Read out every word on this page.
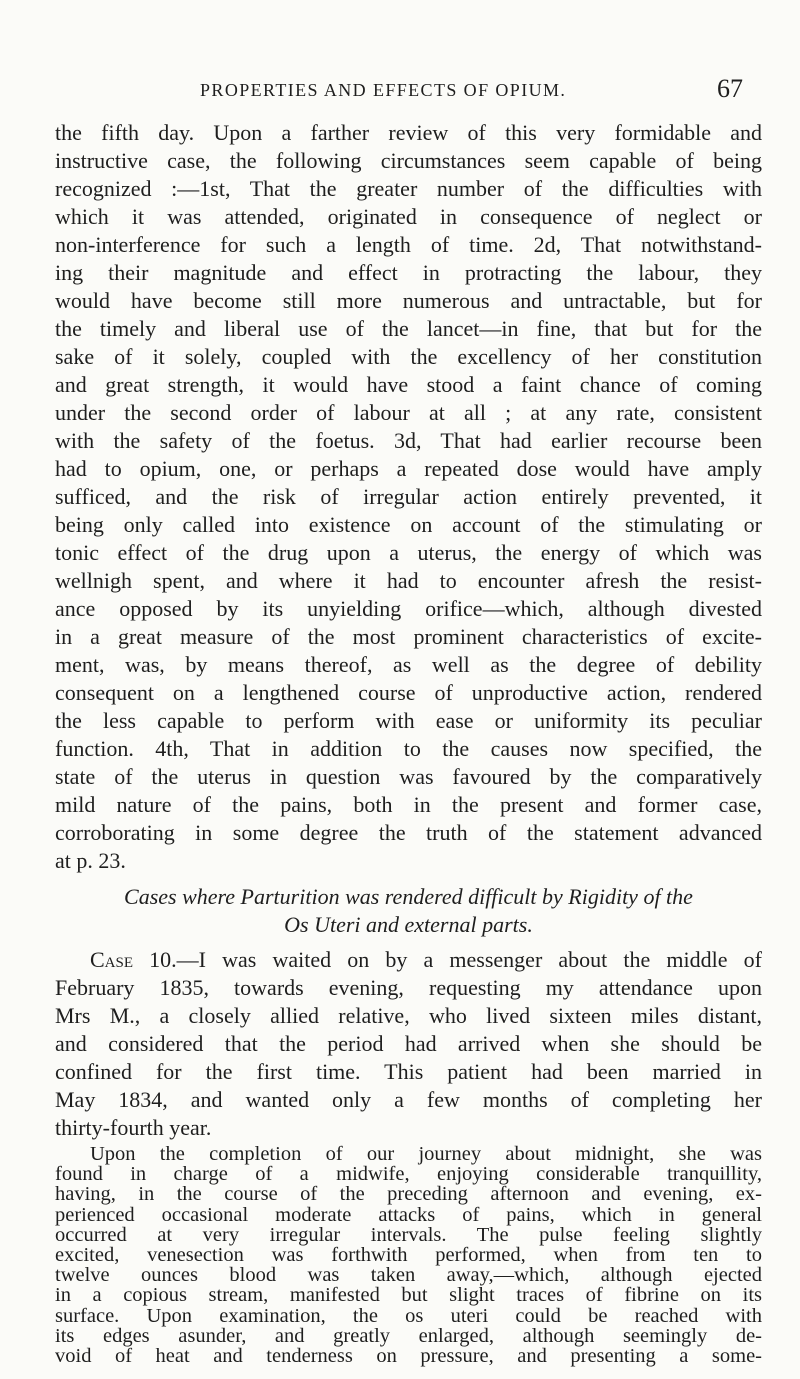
PROPERTIES AND EFFECTS OF OPIUM.	67
the fifth day. Upon a farther review of this very formidable and
instructive case, the following circumstances seem capable of being
recognized :—1st, That the greater number of the difficulties with
which it was attended, originated in consequence of neglect or
non-interference for such a length of time. 2d, That notwithstand-
ing their magnitude and effect in protracting the labour, they
would have become still more numerous and untractable, but for
the timely and liberal use of the lancet—in fine, that but for the
sake of it solely, coupled with the excellency of her constitution
and great strength, it would have stood a faint chance of coming
under the second order of labour at all ; at any rate, consistent
with the safety of the foetus. 3d, That had earlier recourse been
had to opium, one, or perhaps a repeated dose would have amply
sufficed, and the risk of irregular action entirely prevented, it
being only called into existence on account of the stimulating or
tonic effect of the drug upon a uterus, the energy of which was
wellnigh spent, and where it had to encounter afresh the resist-
ance opposed by its unyielding orifice—which, although divested
in a great measure of the most prominent characteristics of excite-
ment, was, by means thereof, as well as the degree of debility
consequent on a lengthened course of unproductive action, rendered
the less capable to perform with ease or uniformity its peculiar
function. 4th, That in addition to the causes now specified, the
state of the uterus in question was favoured by the comparatively
mild nature of the pains, both in the present and former case,
corroborating in some degree the truth of the statement advanced
at p. 23.
Cases where Parturition was rendered difficult by Rigidity of the
Os Uteri and external parts.
Case 10.—I was waited on by a messenger about the middle of
February 1835, towards evening, requesting my attendance upon
Mrs M., a closely allied relative, who lived sixteen miles distant,
and considered that the period had arrived when she should be
confined for the first time. This patient had been married in
May 1834, and wanted only a few months of completing her
thirty-fourth year.
Upon the completion of our journey about midnight, she was
found in charge of a midwife, enjoying considerable tranquillity,
having, in the course of the preceding afternoon and evening, ex-
perienced occasional moderate attacks of pains, which in general
occurred at very irregular intervals. The pulse feeling slightly
excited, venesection was forthwith performed, when from ten to
twelve ounces blood was taken away,—which, although ejected
in a copious stream, manifested but slight traces of fibrine on its
surface. Upon examination, the os uteri could be reached with
its edges asunder, and greatly enlarged, although seemingly de-
void of heat and tenderness on pressure, and presenting a some-
